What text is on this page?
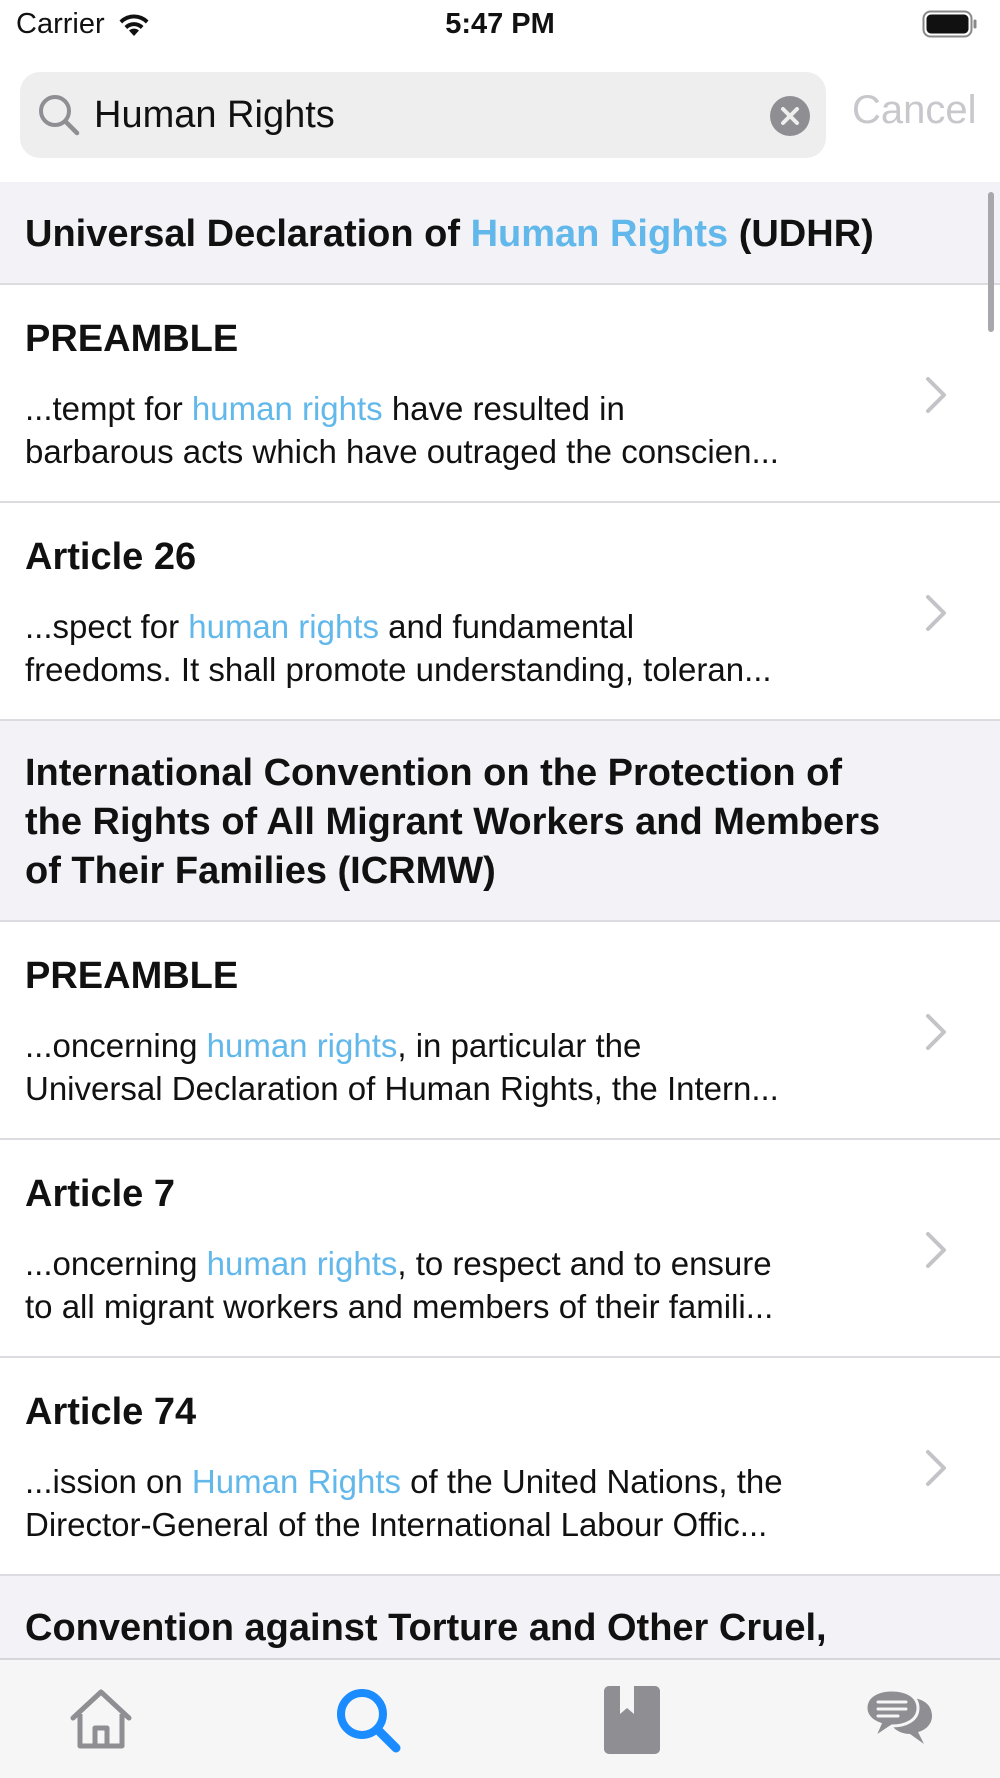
Carrier	5:47 PM
Human Rights
Cancel
Universal Declaration of Human Rights (UDHR)
PREAMBLE
...tempt for human rights have resulted in
barbarous acts which have outraged the conscien...
Article 26
...spect for human rights and fundamental
freedoms. It shall promote understanding, toleran...
International Convention on the Protection of
the Rights of All Migrant Workers and Members
of Their Families (ICRMW)
PREAMBLE
...oncerning human rights, in particular the
Universal Declaration of Human Rights, the Intern...
Article 7
...oncerning human rights, to respect and to ensure
to all migrant workers and members of their famili...
Article 74
...ission on Human Rights of the United Nations, the
Director-General of the International Labour Offic...
Convention against Torture and Other Cruel,
